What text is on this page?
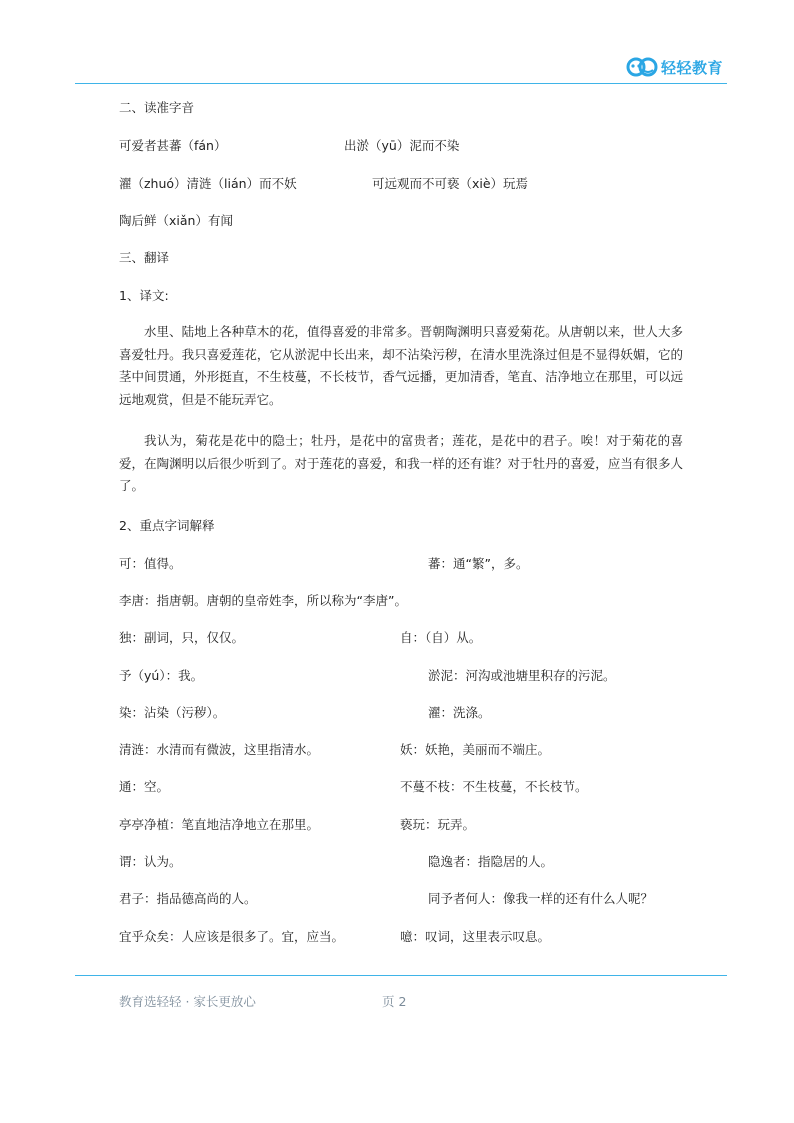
轻轻教育
二、读准字音
可爱者甚蕃（fán）	出淤（yū）泥而不染
濯（zhuó）清涟（lián）而不妖	可远观而不可亵（xiè）玩焉
陶后鲜（xiǎn）有闻
三、翻译
1、译文:
水里、陆地上各种草木的花，值得喜爱的非常多。晋朝陶渊明只喜爱菊花。从唐朝以来，世人大多喜爱牡丹。我只喜爱莲花，它从淤泥中长出来，却不沾染污秽，在清水里洗涤过但是不显得妖媚，它的茎中间贯通，外形挺直，不生枝蔓，不长枝节，香气远播，更加清香，笔直、洁净地立在那里，可以远远地观赏，但是不能玩弄它。
我认为，菊花是花中的隐士；牡丹，是花中的富贵者；莲花，是花中的君子。唉！对于菊花的喜爱，在陶渊明以后很少听到了。对于莲花的喜爱，和我一样的还有谁？对于牡丹的喜爱，应当有很多人了。
2、重点字词解释
可：值得。	蕃：通“繁”，多。
李唐：指唐朝。唐朝的皇帝姓李，所以称为“李唐”。
独：副词，只，仅仅。	自：（自）从。
予（yú）：我。	淤泥：河沟或池塘里积存的污泥。
染：沾染（污秽）。	濯：洗涤。
清涟：水清而有微波，这里指清水。	妖：妖艳，美丽而不端庄。
通：空。	不蔓不枝：不生枝蔓，不长枝节。
亭亭净植：笔直地洁净地立在那里。	亵玩：玩弄。
谓：认为。	隐逸者：指隐居的人。
君子：指品德高尚的人。	同予者何人：像我一样的还有什么人呢？
宜乎众矣：人应该是很多了。宜，应当。	噫：叹词，这里表示叹息。
教育选轻轻 · 家长更放心	页 2
